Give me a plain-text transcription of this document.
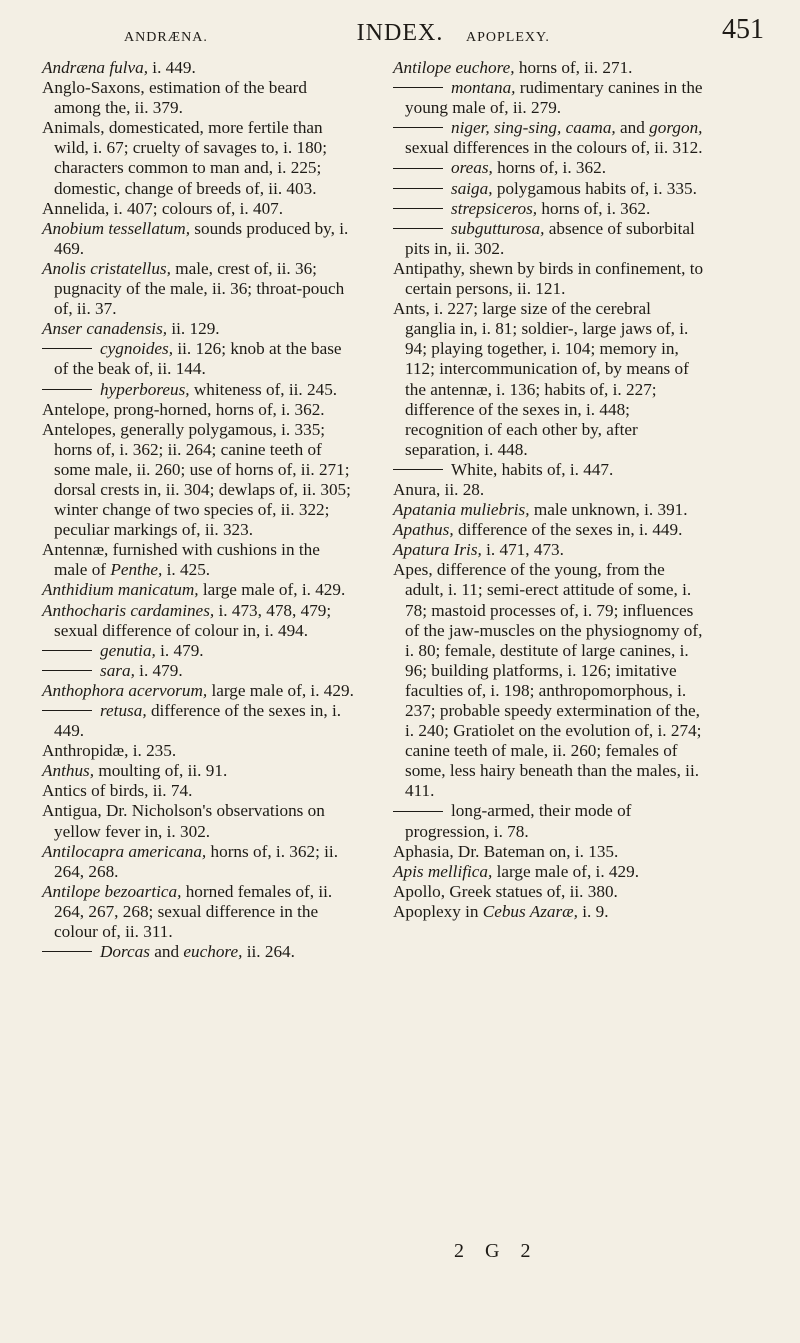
ANDRÆNA.	INDEX.	APOPLEXY.	451

Andræna fulva, i. 449.

Anglo-Saxons, estimation of the beard among the, ii. 379.

Animals, domesticated, more fertile than wild, i. 67; cruelty of savages to, i. 180; characters common to man and, i. 225; domestic, change of breeds of, ii. 403.

Annelida, i. 407; colours of, i. 407.

Anobium tessellatum, sounds produced by, i. 469.

Anolis cristatellus, male, crest of, ii. 36; pugnacity of the male, ii. 36; throat-pouch of, ii. 37.

Anser canadensis, ii. 129.

cygnoides, ii. 126; knob at the base of the beak of, ii. 144.

hyperboreus, whiteness of, ii. 245.

Antelope, prong-horned, horns of, i. 362.

Antelopes, generally polygamous, i. 335; horns of, i. 362; ii. 264; canine teeth of some male, ii. 260; use of horns of, ii. 271; dorsal crests in, ii. 304; dewlaps of, ii. 305; winter change of two species of, ii. 322; peculiar markings of, ii. 323.

Antennæ, furnished with cushions in the male of Penthe, i. 425.

Anthidium manicatum, large male of, i. 429.

Anthocharis cardamines, i. 473, 478, 479; sexual difference of colour in, i. 494.

genutia, i. 479.

sara, i. 479.

Anthophora acervorum, large male of, i. 429.

retusa, difference of the sexes in, i. 449.

Anthropidæ, i. 235.

Anthus, moulting of, ii. 91.

Antics of birds, ii. 74.

Antigua, Dr. Nicholson's observations on yellow fever in, i. 302.

Antilocapra americana, horns of, i. 362; ii. 264, 268.

Antilope bezoartica, horned females of, ii. 264, 267, 268; sexual difference in the colour of, ii. 311.

Dorcas and euchore, ii. 264.

Antilope euchore, horns of, ii. 271.

montana, rudimentary canines in the young male of, ii. 279.

niger, sing-sing, caama, and gorgon, sexual differences in the colours of, ii. 312.

oreas, horns of, i. 362.

saiga, polygamous habits of, i. 335.

strepsiceros, horns of, i. 362.

subgutturosa, absence of suborbital pits in, ii. 302.

Antipathy, shewn by birds in confinement, to certain persons, ii. 121.

Ants, i. 227; large size of the cerebral ganglia in, i. 81; soldier-, large jaws of, i. 94; playing together, i. 104; memory in, 112; intercommunication of, by means of the antennæ, i. 136; habits of, i. 227; difference of the sexes in, i. 448; recognition of each other by, after separation, i. 448.

White, habits of, i. 447.

Anura, ii. 28.

Apatania muliebris, male unknown, i. 391.

Apathus, difference of the sexes in, i. 449.

Apatura Iris, i. 471, 473.

Apes, difference of the young, from the adult, i. 11; semi-erect attitude of some, i. 78; mastoid processes of, i. 79; influences of the jaw-muscles on the physiognomy of, i. 80; female, destitute of large canines, i. 96; building platforms, i. 126; imitative faculties of, i. 198; anthropomorphous, i. 237; probable speedy extermination of the, i. 240; Gratiolet on the evolution of, i. 274; canine teeth of male, ii. 260; females of some, less hairy beneath than the males, ii. 411.

long-armed, their mode of progression, i. 78.

Aphasia, Dr. Bateman on, i. 135.

Apis mellifica, large male of, i. 429.

Apollo, Greek statues of, ii. 380.

Apoplexy in Cebus Azaræ, i. 9.

2 G 2
